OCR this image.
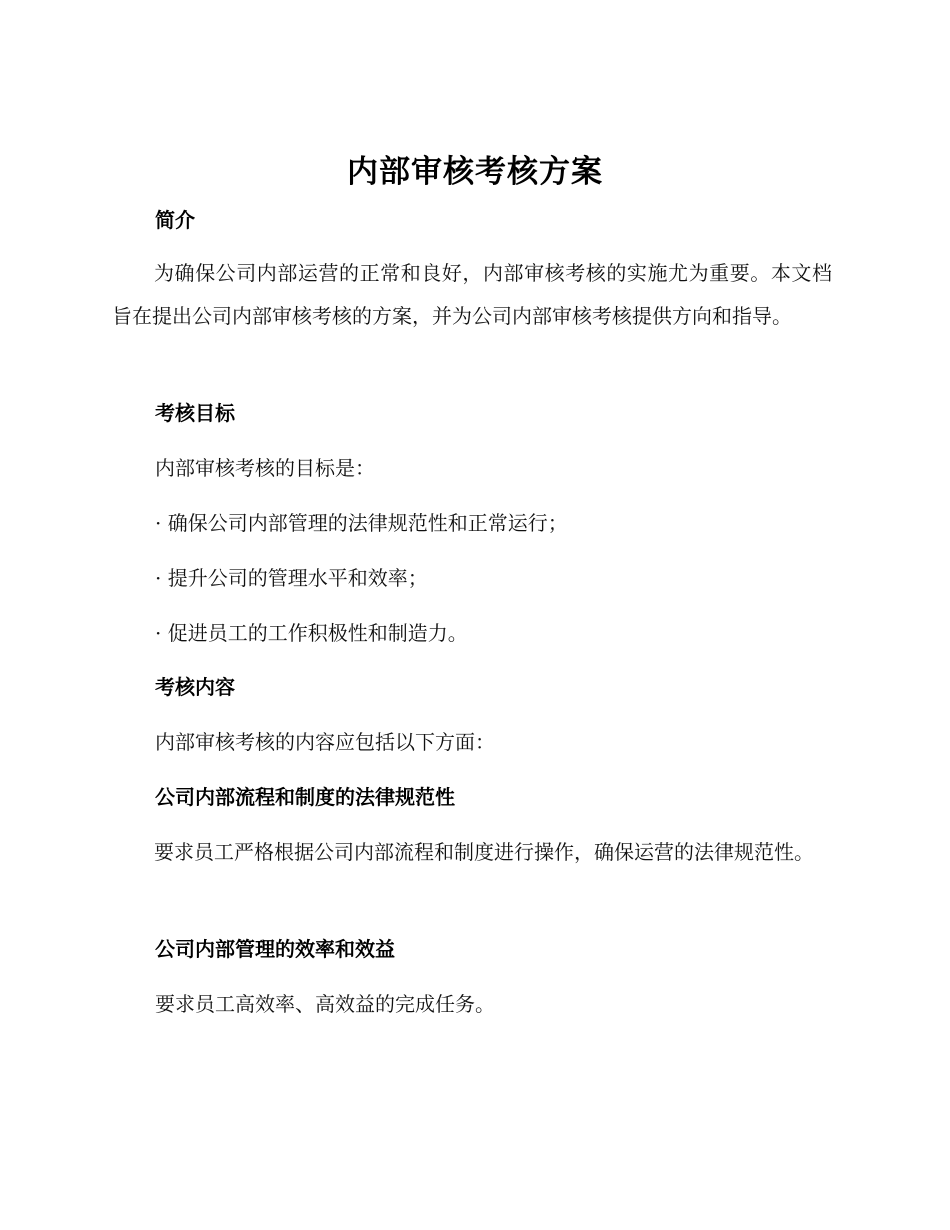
内部审核考核方案
简介
为确保公司内部运营的正常和良好，内部审核考核的实施尤为重要。本文档旨在提出公司内部审核考核的方案，并为公司内部审核考核提供方向和指导。
考核目标
内部审核考核的目标是：
· 确保公司内部管理的法律规范性和正常运行；
· 提升公司的管理水平和效率；
· 促进员工的工作积极性和制造力。
考核内容
内部审核考核的内容应包括以下方面：
公司内部流程和制度的法律规范性
要求员工严格根据公司内部流程和制度进行操作，确保运营的法律规范性。
公司内部管理的效率和效益
要求员工高效率、高效益的完成任务。
